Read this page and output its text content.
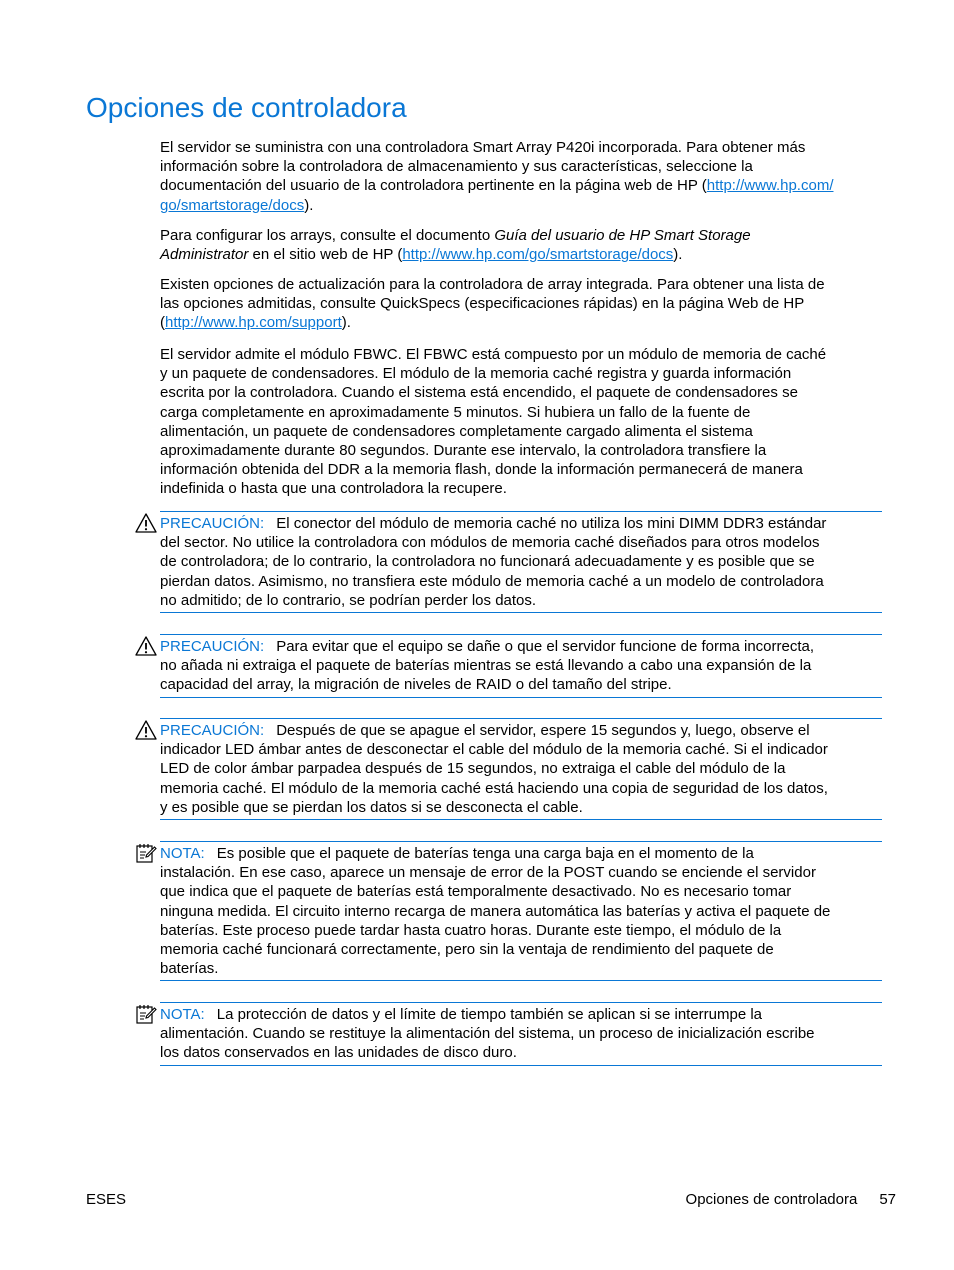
Opciones de controladora

El servidor se suministra con una controladora Smart Array P420i incorporada. Para obtener más
información sobre la controladora de almacenamiento y sus características, seleccione la
documentación del usuario de la controladora pertinente en la página web de HP (http://www.hp.com/
go/smartstorage/docs).

Para configurar los arrays, consulte el documento Guía del usuario de HP Smart Storage
Administrator en el sitio web de HP (http://www.hp.com/go/smartstorage/docs).

Existen opciones de actualización para la controladora de array integrada. Para obtener una lista de
las opciones admitidas, consulte QuickSpecs (especificaciones rápidas) en la página Web de HP
(http://www.hp.com/support).

El servidor admite el módulo FBWC. El FBWC está compuesto por un módulo de memoria de caché
y un paquete de condensadores. El módulo de la memoria caché registra y guarda información
escrita por la controladora. Cuando el sistema está encendido, el paquete de condensadores se
carga completamente en aproximadamente 5 minutos. Si hubiera un fallo de la fuente de
alimentación, un paquete de condensadores completamente cargado alimenta el sistema
aproximadamente durante 80 segundos. Durante ese intervalo, la controladora transfiere la
información obtenida del DDR a la memoria flash, donde la información permanecerá de manera
indefinida o hasta que una controladora la recupere.

PRECAUCIÓN: El conector del módulo de memoria caché no utiliza los mini DIMM DDR3 estándar
del sector. No utilice la controladora con módulos de memoria caché diseñados para otros modelos
de controladora; de lo contrario, la controladora no funcionará adecuadamente y es posible que se
pierdan datos. Asimismo, no transfiera este módulo de memoria caché a un modelo de controladora
no admitido; de lo contrario, se podrían perder los datos.

PRECAUCIÓN: Para evitar que el equipo se dañe o que el servidor funcione de forma incorrecta,
no añada ni extraiga el paquete de baterías mientras se está llevando a cabo una expansión de la
capacidad del array, la migración de niveles de RAID o del tamaño del stripe.

PRECAUCIÓN: Después de que se apague el servidor, espere 15 segundos y, luego, observe el
indicador LED ámbar antes de desconectar el cable del módulo de la memoria caché. Si el indicador
LED de color ámbar parpadea después de 15 segundos, no extraiga el cable del módulo de la
memoria caché. El módulo de la memoria caché está haciendo una copia de seguridad de los datos,
y es posible que se pierdan los datos si se desconecta el cable.

NOTA: Es posible que el paquete de baterías tenga una carga baja en el momento de la
instalación. En ese caso, aparece un mensaje de error de la POST cuando se enciende el servidor
que indica que el paquete de baterías está temporalmente desactivado. No es necesario tomar
ninguna medida. El circuito interno recarga de manera automática las baterías y activa el paquete de
baterías. Este proceso puede tardar hasta cuatro horas. Durante este tiempo, el módulo de la
memoria caché funcionará correctamente, pero sin la ventaja de rendimiento del paquete de
baterías.

NOTA: La protección de datos y el límite de tiempo también se aplican si se interrumpe la
alimentación. Cuando se restituye la alimentación del sistema, un proceso de inicialización escribe
los datos conservados en las unidades de disco duro.

ESES	Opciones de controladora 57
